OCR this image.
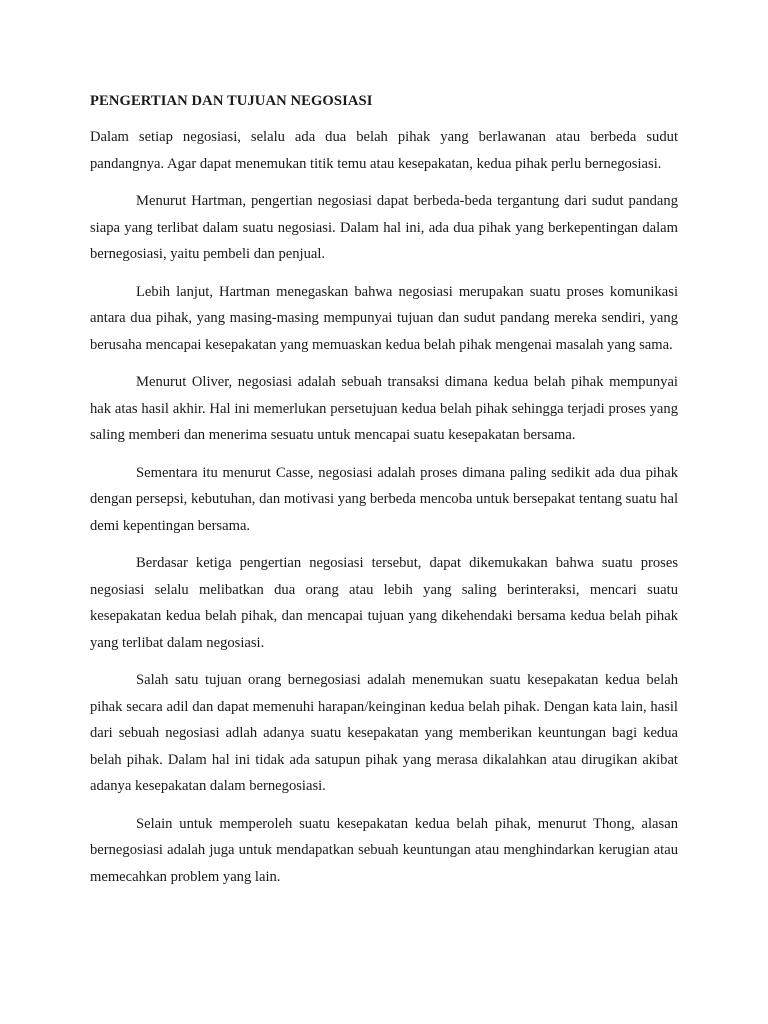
PENGERTIAN DAN TUJUAN NEGOSIASI

Dalam setiap negosiasi, selalu ada dua belah pihak yang berlawanan atau berbeda sudut pandangnya. Agar dapat menemukan titik temu atau kesepakatan, kedua pihak perlu bernegosiasi.

Menurut Hartman, pengertian negosiasi dapat berbeda-beda tergantung dari sudut pandang siapa yang terlibat dalam suatu negosiasi. Dalam hal ini, ada dua pihak yang berkepentingan dalam bernegosiasi, yaitu pembeli dan penjual.

Lebih lanjut, Hartman menegaskan bahwa negosiasi merupakan suatu proses komunikasi antara dua pihak, yang masing-masing mempunyai tujuan dan sudut pandang mereka sendiri, yang berusaha mencapai kesepakatan yang memuaskan kedua belah pihak mengenai masalah yang sama.

Menurut Oliver, negosiasi adalah sebuah transaksi dimana kedua belah pihak mempunyai hak atas hasil akhir. Hal ini memerlukan persetujuan kedua belah pihak sehingga terjadi proses yang saling memberi dan menerima sesuatu untuk mencapai suatu kesepakatan bersama.

Sementara itu menurut Casse, negosiasi adalah proses dimana paling sedikit ada dua pihak dengan persepsi, kebutuhan, dan motivasi yang berbeda mencoba untuk bersepakat tentang suatu hal demi kepentingan bersama.

Berdasar ketiga pengertian negosiasi tersebut, dapat dikemukakan bahwa suatu proses negosiasi selalu melibatkan dua orang atau lebih yang saling berinteraksi, mencari suatu kesepakatan kedua belah pihak, dan mencapai tujuan yang dikehendaki bersama kedua belah pihak yang terlibat dalam negosiasi.

Salah satu tujuan orang bernegosiasi adalah menemukan suatu kesepakatan kedua belah pihak secara adil dan dapat memenuhi harapan/keinginan kedua belah pihak. Dengan kata lain, hasil dari sebuah negosiasi adlah adanya suatu kesepakatan yang memberikan keuntungan bagi kedua belah pihak. Dalam hal ini tidak ada satupun pihak yang merasa dikalahkan atau dirugikan akibat adanya kesepakatan dalam bernegosiasi.

Selain untuk memperoleh suatu kesepakatan kedua belah pihak, menurut Thong, alasan bernegosiasi adalah juga untuk mendapatkan sebuah keuntungan atau menghindarkan kerugian atau memecahkan problem yang lain.
